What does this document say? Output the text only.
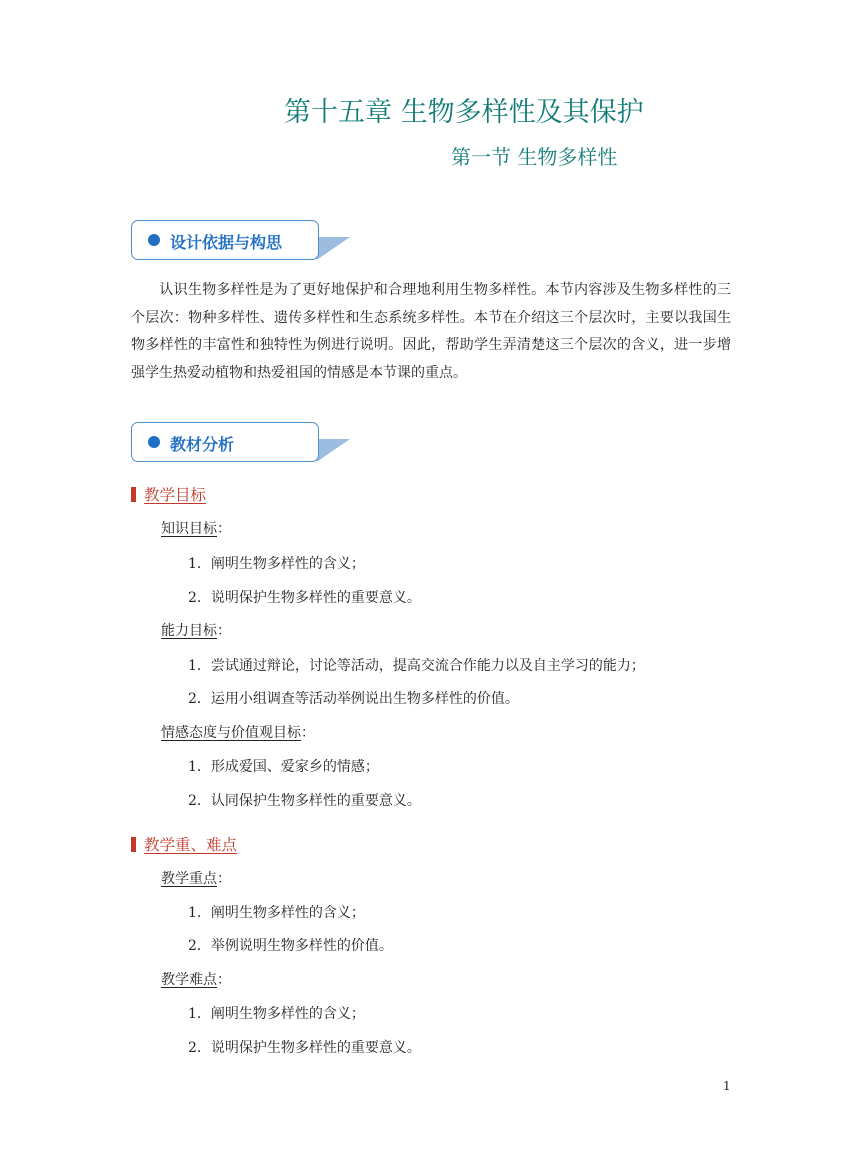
第十五章 生物多样性及其保护
第一节 生物多样性
设计依据与构思

认识生物多样性是为了更好地保护和合理地利用生物多样性。本节内容涉及生物多样性的三个层次：物种多样性、遗传多样性和生态系统多样性。本节在介绍这三个层次时，主要以我国生物多样性的丰富性和独特性为例进行说明。因此，帮助学生弄清楚这三个层次的含义，进一步增强学生热爱动植物和热爱祖国的情感是本节课的重点。

教材分析
教学目标
知识目标：
1．阐明生物多样性的含义；
2．说明保护生物多样性的重要意义。
能力目标：
1．尝试通过辩论，讨论等活动，提高交流合作能力以及自主学习的能力；
2．运用小组调查等活动举例说出生物多样性的价值。
情感态度与价值观目标：
1．形成爱国、爱家乡的情感；
2．认同保护生物多样性的重要意义。
教学重、难点
教学重点：
1．阐明生物多样性的含义；
2．举例说明生物多样性的价值。
教学难点：
1．阐明生物多样性的含义；
2．说明保护生物多样性的重要意义。
1
